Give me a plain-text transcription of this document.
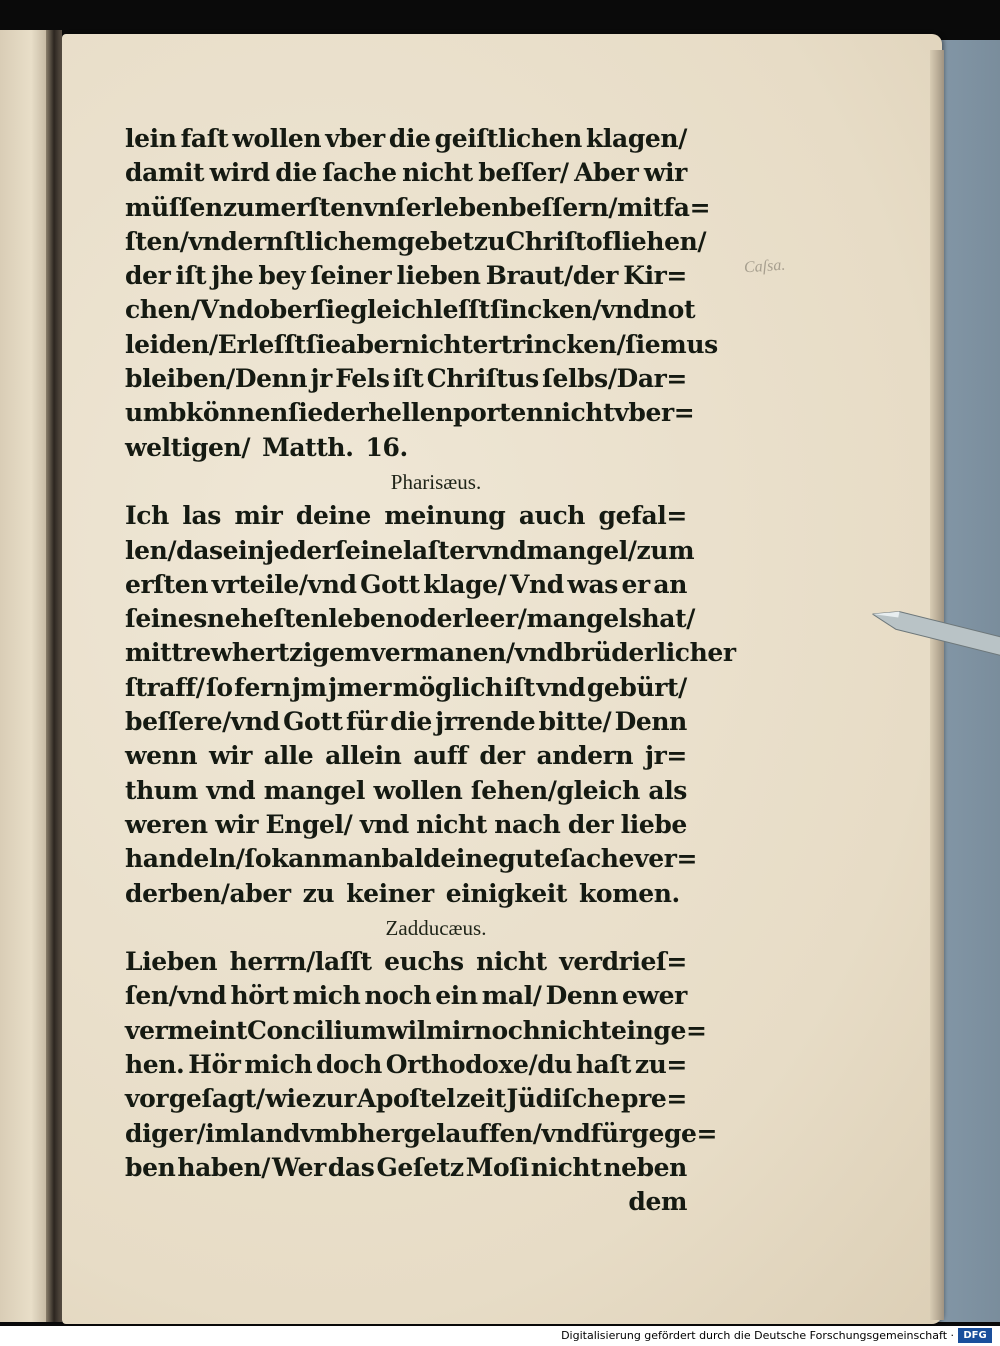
Caſsa.
lein faſt wollen vber die geiſtlichen klagen/
damit wird die ſache nicht beſſer/ Aber wir
müſſen zum erſten vnſer leben beſſern/mit fa=
ſten/vnd ernſtlichem gebet zu Chriſto fliehen/
der iſt jhe bey ſeiner lieben Braut/der Kir=
chen/Vnd ob er ſie gleich leſſt ſincken/vnd not
leiden/Er leſſt ſie aber nicht ertrincken/ſie mus
bleiben/Denn jr Fels iſt Chriſtus ſelbs/Dar=
umb können ſie der hellen porten nicht vber=
weltigen/ Matth. 16.
Pharisæus.
Ich las mir deine meinung auch gefal=
len/das ein jeder ſeine laſter vnd mangel/ zum
erſten vrteile/vnd Gott klage/ Vnd was er an
ſeines neheſten leben oder leer/ mangels hat/
mit trewhertzigem vermanen/vnd brüderlicher
ſtraff/ ſo fern jm jmer möglich iſt vnd gebürt/
beſſere/vnd Gott für die jrrende bitte/ Denn
wenn wir alle allein auff der andern jr=
thum vnd mangel wollen ſehen/gleich als
weren wir Engel/ vnd nicht nach der liebe
handeln/ ſo kan man bald eine gute ſache ver=
derben/aber zu keiner einigkeit komen.
Zadducæus.
Lieben herrn/laſſt euchs nicht verdrieſ=
ſen/vnd hört mich noch ein mal/ Denn ewer
vermeint Concilium wil mir noch nicht einge=
hen. Hör mich doch Orthodoxe/du haſt zu=
vor geſagt/ wie zur Apoſtel zeit Jüdiſche pre=
diger/im land vmbher gelauffen/vnd fürgege=
ben haben/ Wer das Geſetz Moſi nicht neben
dem
Digitalisierung gefördert durch die Deutsche Forschungsgemeinschaft · DFG
